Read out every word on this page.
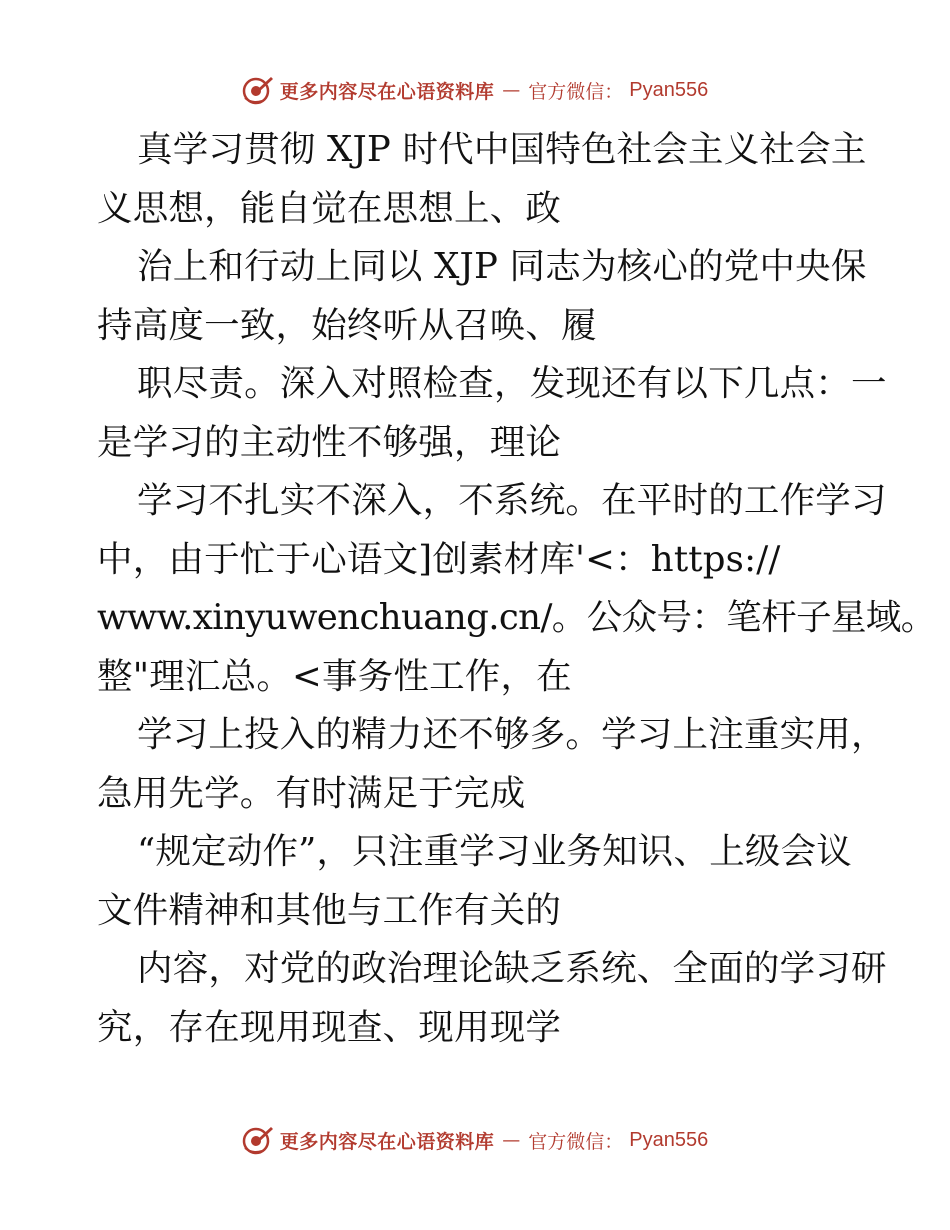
更多内容尽在心语资料库 — 官方微信： Pyan556
真学习贯彻 XJP 时代中国特色社会主义社会主
义思想，能自觉在思想上、政
治上和行动上同以 XJP 同志为核心的党中央保
持高度一致，始终听从召唤、履
职尽责。深入对照检查，发现还有以下几点：一
是学习的主动性不够强，理论
学习不扎实不深入，不系统。在平时的工作学习
中，由于忙于心语文]创素材库'<：https://
www.xinyuwenchuang.cn/。公众号：笔杆子星域。
整"理汇总。<事务性工作，在
学习上投入的精力还不够多。学习上注重实用，
急用先学。有时满足于完成
“规定动作”，只注重学习业务知识、上级会议
文件精神和其他与工作有关的
内容，对党的政治理论缺乏系统、全面的学习研
究，存在现用现查、现用现学
更多内容尽在心语资料库 — 官方微信： Pyan556
